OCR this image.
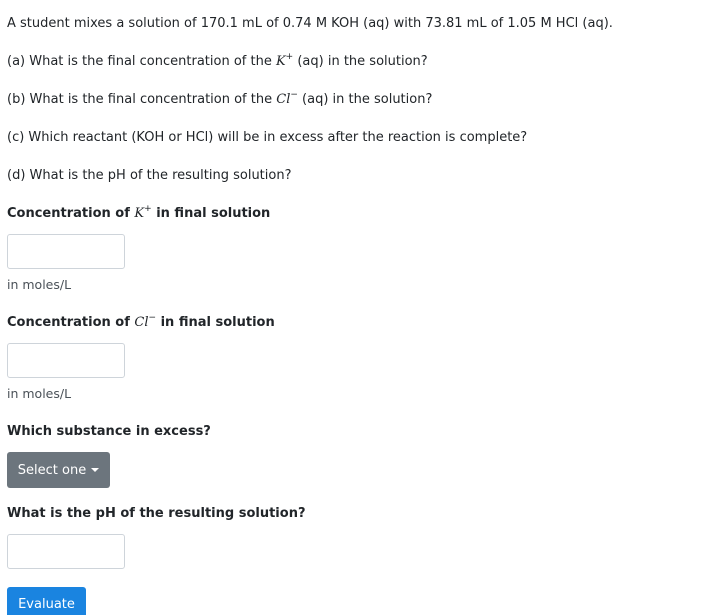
A student mixes a solution of 170.1 mL of 0.74 M KOH (aq) with 73.81 mL of 1.05 M HCl (aq).
(a) What is the final concentration of the K+ (aq) in the solution?
(b) What is the final concentration of the Cl− (aq) in the solution?
(c) Which reactant (KOH or HCl) will be in excess after the reaction is complete?
(d) What is the pH of the resulting solution?
Concentration of K+ in final solution
in moles/L
Concentration of Cl− in final solution
in moles/L
Which substance in excess?
Select one
What is the pH of the resulting solution?
Evaluate
